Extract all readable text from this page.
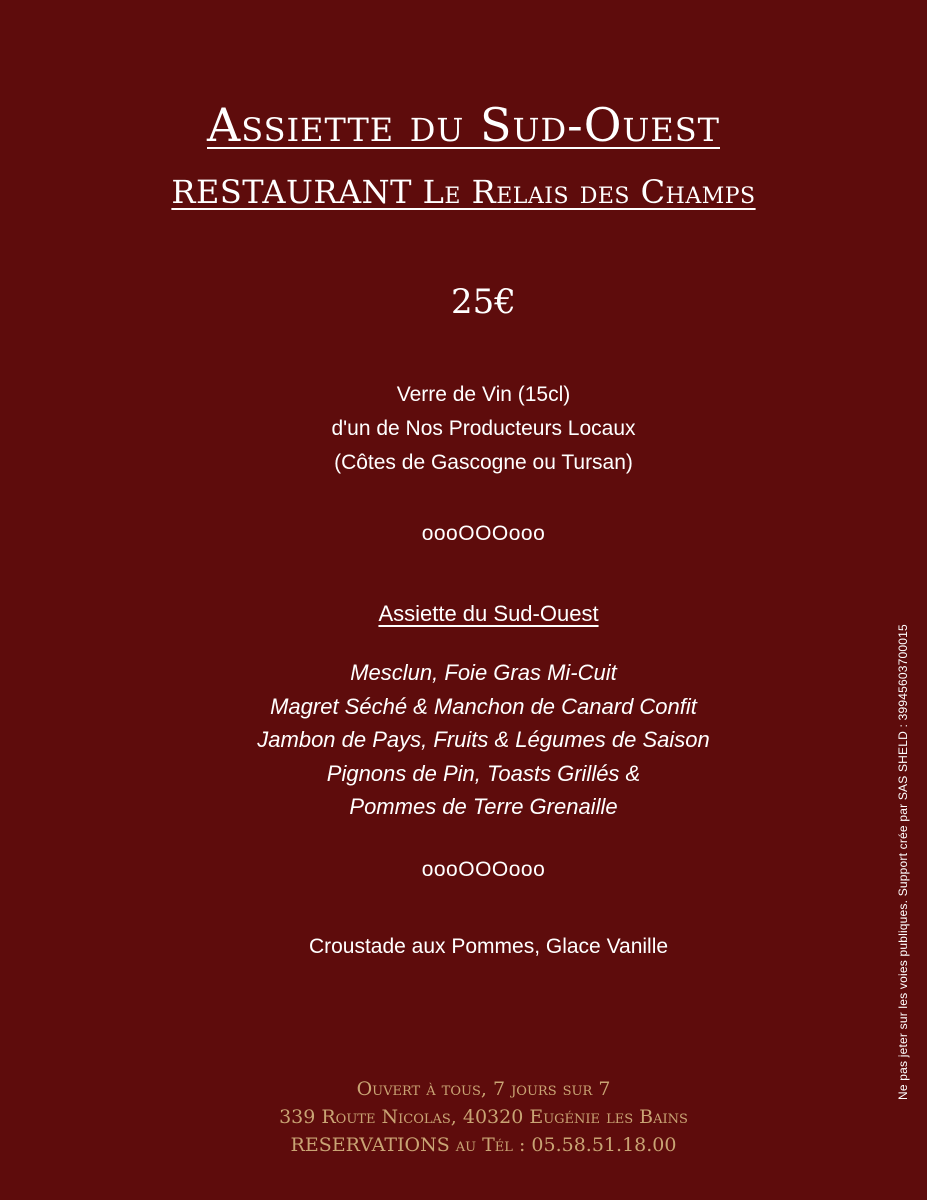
Assiette du Sud-Ouest
RESTAURANT Le Relais des Champs
25€
Verre de Vin (15cl)
d'un de Nos Producteurs Locaux
(Côtes de Gascogne ou Tursan)
oooOOOooo
Assiette du Sud-Ouest
Mesclun, Foie Gras Mi-Cuit
Magret Séché & Manchon de Canard Confit
Jambon de Pays, Fruits & Légumes de Saison
Pignons de Pin, Toasts Grillés &
Pommes de Terre Grenaille
oooOOOooo
Croustade aux Pommes, Glace Vanille
Ouvert à tous, 7 jours sur 7
339 Route Nicolas, 40320 Eugénie les Bains
RESERVATIONS au Tél : 05.58.51.18.00
Ne pas jeter sur les voies publiques. Support crée par SAS SHELD : 39945603700015
